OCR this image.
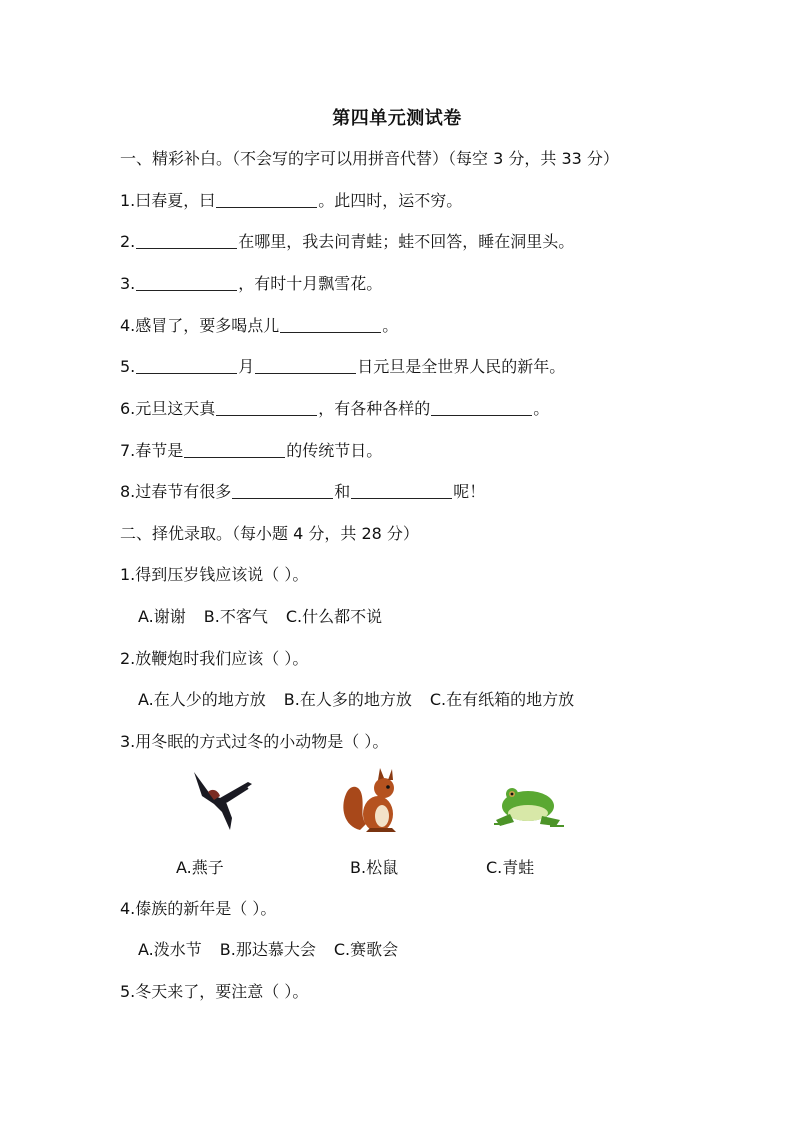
第四单元测试卷
一、精彩补白。（不会写的字可以用拼音代替）（每空 3 分，共 33 分）
1.曰春夏，曰	。此四时，运不穷。
2.	在哪里，我去问青蛙；蛙不回答，睡在洞里头。
3.	，有时十月飘雪花。
4.感冒了，要多喝点儿	。
5.	月	日元旦是全世界人民的新年。
6.元旦这天真	，有各种各样的	。
7.春节是	的传统节日。
8.过春节有很多	和	呢！
二、择优录取。（每小题 4 分，共 28 分）
1.得到压岁钱应该说（ ）。
A.谢谢 B.不客气 C.什么都不说
2.放鞭炮时我们应该（ ）。
A.在人少的地方放 B.在人多的地方放 C.在有纸箱的地方放
3.用冬眠的方式过冬的小动物是（ ）。
A.燕子	B.松鼠	C.青蛙
4.傣族的新年是（ ）。
A.泼水节 B.那达慕大会 C.赛歌会
5.冬天来了，要注意（ ）。
